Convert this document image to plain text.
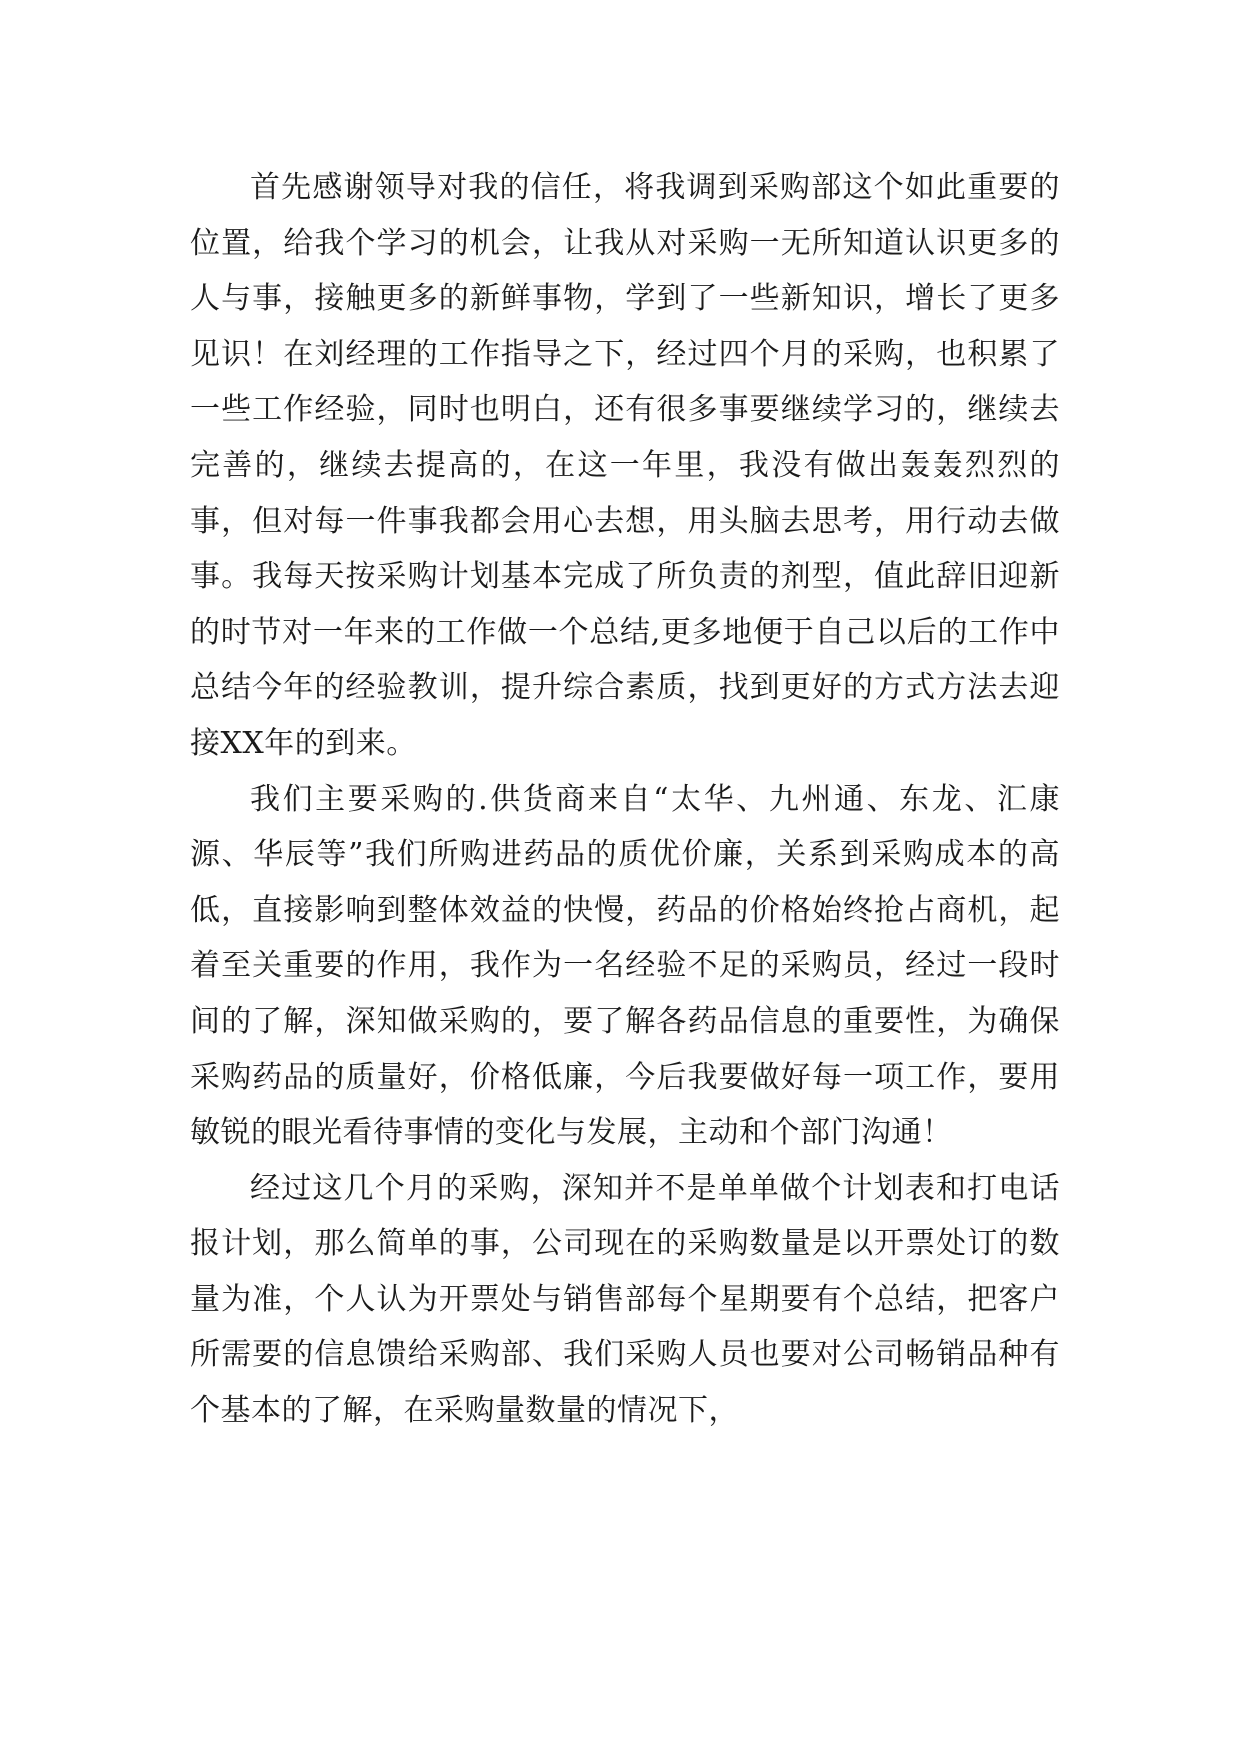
首先感谢领导对我的信任，将我调到采购部这个如此重要的位置，给我个学习的机会，让我从对采购一无所知道认识更多的人与事，接触更多的新鲜事物，学到了一些新知识，增长了更多见识！在刘经理的工作指导之下，经过四个月的采购，也积累了一些工作经验，同时也明白，还有很多事要继续学习的，继续去完善的，继续去提高的，在这一年里，我没有做出轰轰烈烈的事，但对每一件事我都会用心去想，用头脑去思考，用行动去做事。我每天按采购计划基本完成了所负责的剂型，值此辞旧迎新的时节对一年来的工作做一个总结,更多地便于自己以后的工作中总结今年的经验教训，提升综合素质，找到更好的方式方法去迎接XX年的到来。

我们主要采购的.供货商来自“太华、九州通、东龙、汇康源、华辰等”我们所购进药品的质优价廉，关系到采购成本的高低，直接影响到整体效益的快慢，药品的价格始终抢占商机，起着至关重要的作用，我作为一名经验不足的采购员，经过一段时间的了解，深知做采购的，要了解各药品信息的重要性，为确保采购药品的质量好，价格低廉，今后我要做好每一项工作，要用敏锐的眼光看待事情的变化与发展，主动和个部门沟通！

经过这几个月的采购，深知并不是单单做个计划表和打电话报计划，那么简单的事，公司现在的采购数量是以开票处订的数量为准，个人认为开票处与销售部每个星期要有个总结，把客户所需要的信息馈给采购部、我们采购人员也要对公司畅销品种有个基本的了解，在采购量数量的情况下，
